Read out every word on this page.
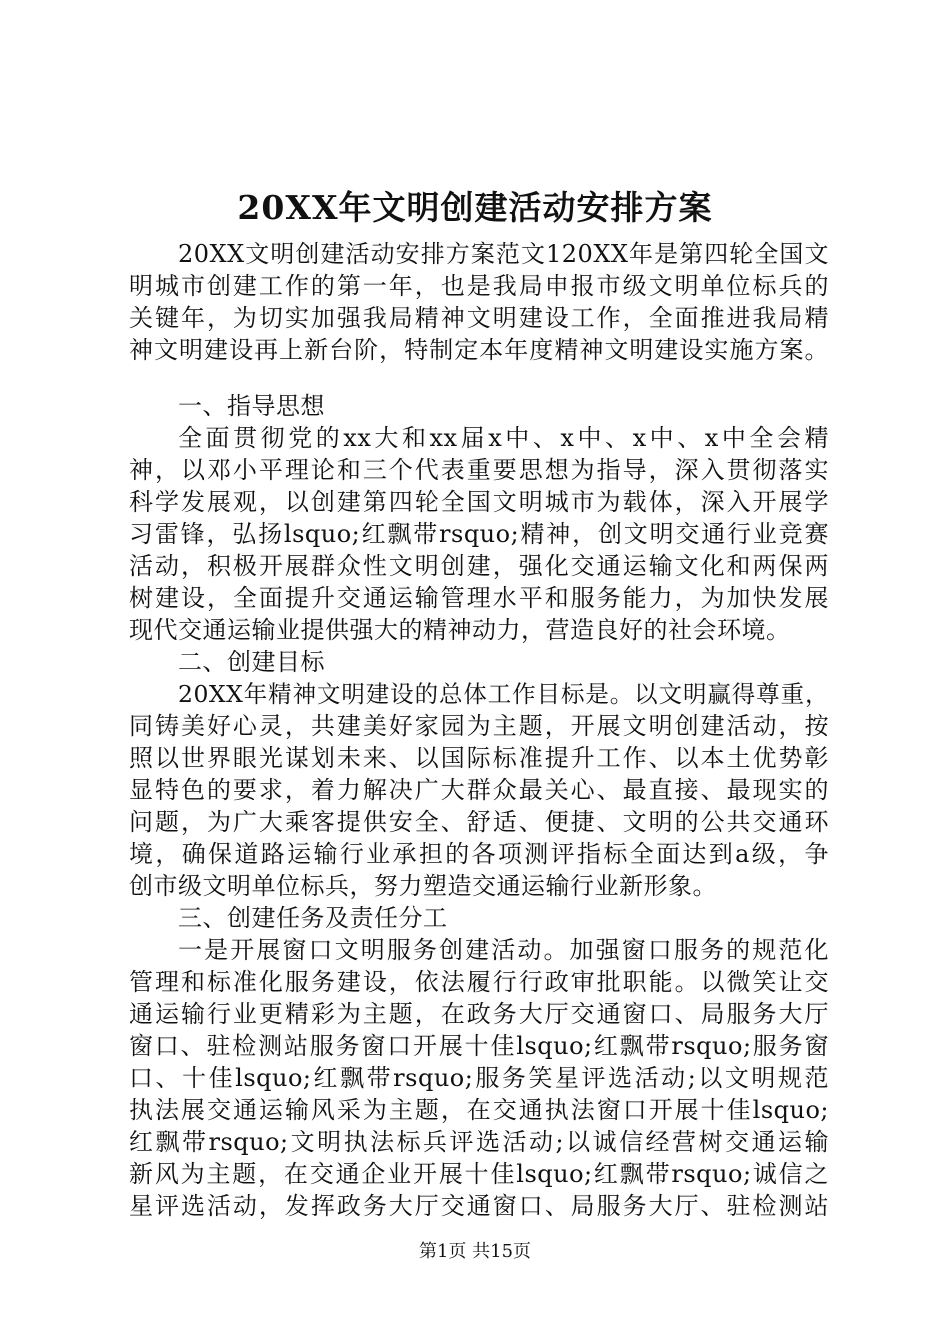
20XX年文明创建活动安排方案
20XX文明创建活动安排方案范文120XX年是第四轮全国文
明城市创建工作的第一年，也是我局申报市级文明单位标兵的
关键年，为切实加强我局精神文明建设工作，全面推进我局精
神文明建设再上新台阶，特制定本年度精神文明建设实施方案。
一、指导思想
全面贯彻党的xx大和xx届x中、x中、x中、x中全会精
神，以邓小平理论和三个代表重要思想为指导，深入贯彻落实
科学发展观，以创建第四轮全国文明城市为载体，深入开展学
习雷锋，弘扬lsquo;红飘带rsquo;精神，创文明交通行业竞赛
活动，积极开展群众性文明创建，强化交通运输文化和两保两
树建设，全面提升交通运输管理水平和服务能力，为加快发展
现代交通运输业提供强大的精神动力，营造良好的社会环境。
二、创建目标
20XX年精神文明建设的总体工作目标是。以文明赢得尊重，
同铸美好心灵，共建美好家园为主题，开展文明创建活动，按
照以世界眼光谋划未来、以国际标准提升工作、以本土优势彰
显特色的要求，着力解决广大群众最关心、最直接、最现实的
问题，为广大乘客提供安全、舒适、便捷、文明的公共交通环
境，确保道路运输行业承担的各项测评指标全面达到a级，争
创市级文明单位标兵，努力塑造交通运输行业新形象。
三、创建任务及责任分工
一是开展窗口文明服务创建活动。加强窗口服务的规范化
管理和标准化服务建设，依法履行行政审批职能。以微笑让交
通运输行业更精彩为主题，在政务大厅交通窗口、局服务大厅
窗口、驻检测站服务窗口开展十佳lsquo;红飘带rsquo;服务窗
口、十佳lsquo;红飘带rsquo;服务笑星评选活动;以文明规范
执法展交通运输风采为主题，在交通执法窗口开展十佳lsquo;
红飘带rsquo;文明执法标兵评选活动;以诚信经营树交通运输
新风为主题，在交通企业开展十佳lsquo;红飘带rsquo;诚信之
星评选活动，发挥政务大厅交通窗口、局服务大厅、驻检测站
第1页 共15页
